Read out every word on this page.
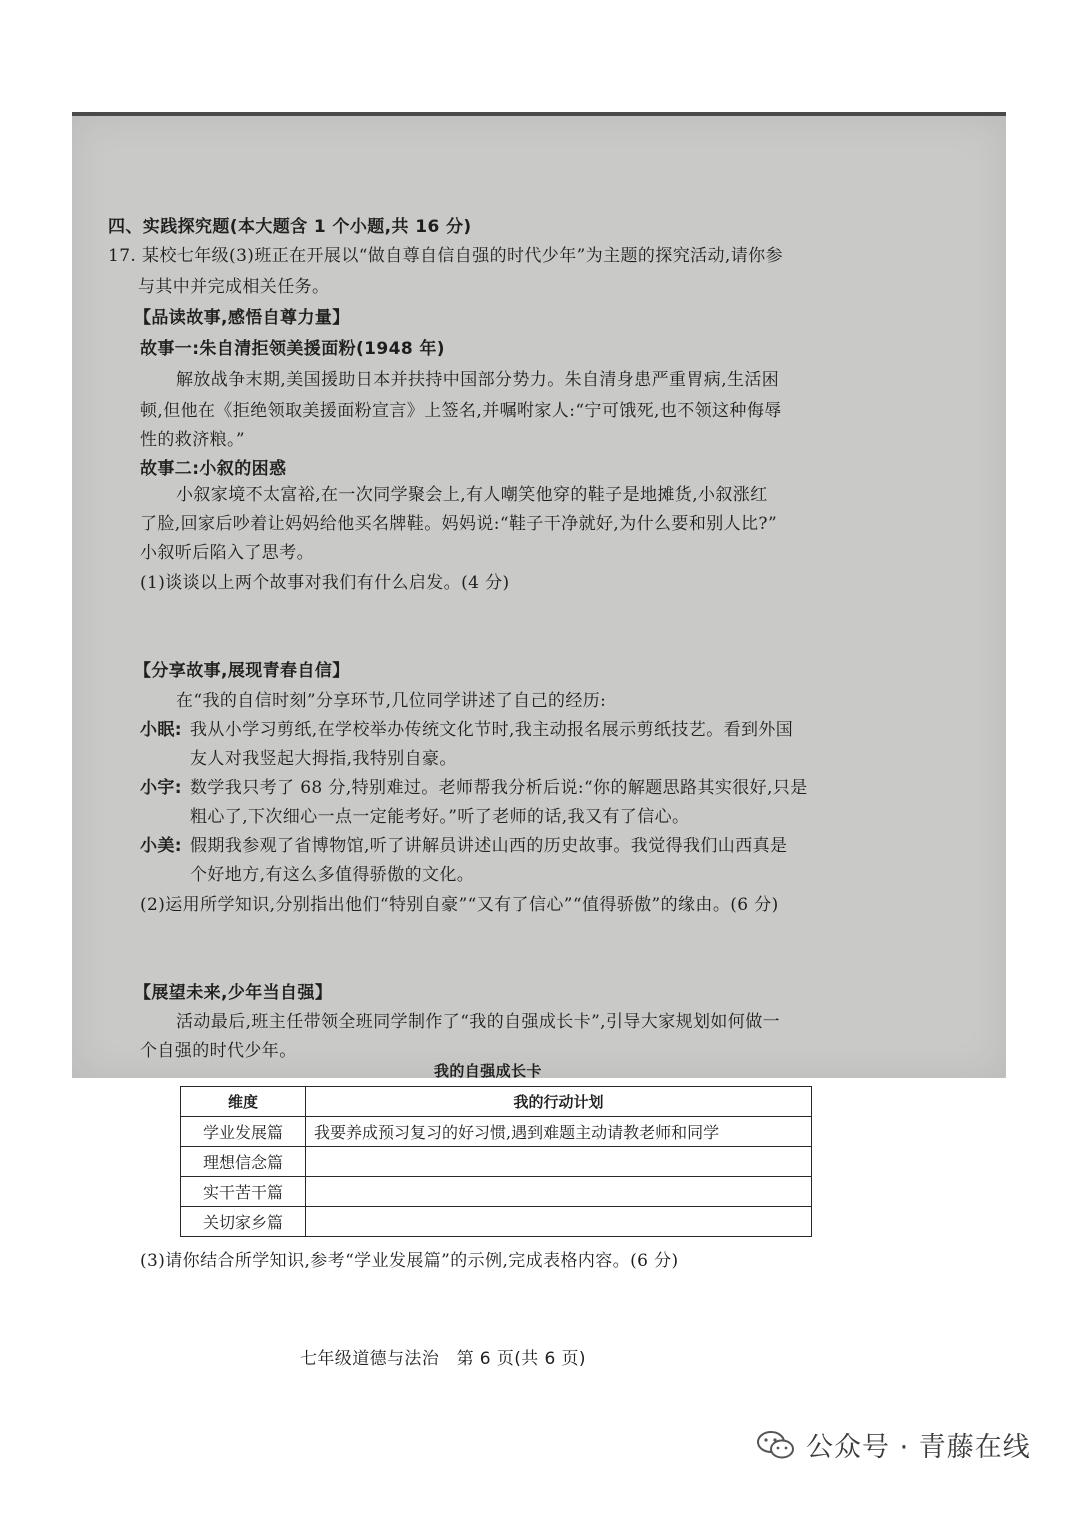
四、实践探究题(本大题含 1 个小题,共 16 分)
17. 某校七年级(3)班正在开展以“做自尊自信自强的时代少年”为主题的探究活动,请你参
与其中并完成相关任务。
【品读故事,感悟自尊力量】
故事一:朱自清拒领美援面粉(1948 年)
解放战争末期,美国援助日本并扶持中国部分势力。朱自清身患严重胃病,生活困
顿,但他在《拒绝领取美援面粉宣言》上签名,并嘱咐家人:“宁可饿死,也不领这种侮辱
性的救济粮。”
故事二:小叙的困惑
小叙家境不太富裕,在一次同学聚会上,有人嘲笑他穿的鞋子是地摊货,小叙涨红
了脸,回家后吵着让妈妈给他买名牌鞋。妈妈说:“鞋子干净就好,为什么要和别人比?”
小叙听后陷入了思考。
(1)谈谈以上两个故事对我们有什么启发。(4 分)
【分享故事,展现青春自信】
在“我的自信时刻”分享环节,几位同学讲述了自己的经历:
小眠: 我从小学习剪纸,在学校举办传统文化节时,我主动报名展示剪纸技艺。看到外国
友人对我竖起大拇指,我特别自豪。
小宇: 数学我只考了 68 分,特别难过。老师帮我分析后说:“你的解题思路其实很好,只是
粗心了,下次细心一点一定能考好。”听了老师的话,我又有了信心。
小美: 假期我参观了省博物馆,听了讲解员讲述山西的历史故事。我觉得我们山西真是
个好地方,有这么多值得骄傲的文化。
(2)运用所学知识,分别指出他们“特别自豪”“又有了信心”“值得骄傲”的缘由。(6 分)
【展望未来,少年当自强】
活动最后,班主任带领全班同学制作了“我的自强成长卡”,引导大家规划如何做一
个自强的时代少年。
我的自强成长卡
维度	我的行动计划
学业发展篇	我要养成预习复习的好习惯,遇到难题主动请教老师和同学
理想信念篇	
实干苦干篇	
关切家乡篇	
公众号 · 青藤在线
(3)请你结合所学知识,参考“学业发展篇”的示例,完成表格内容。(6 分)
七年级道德与法治　第 6 页(共 6 页)
